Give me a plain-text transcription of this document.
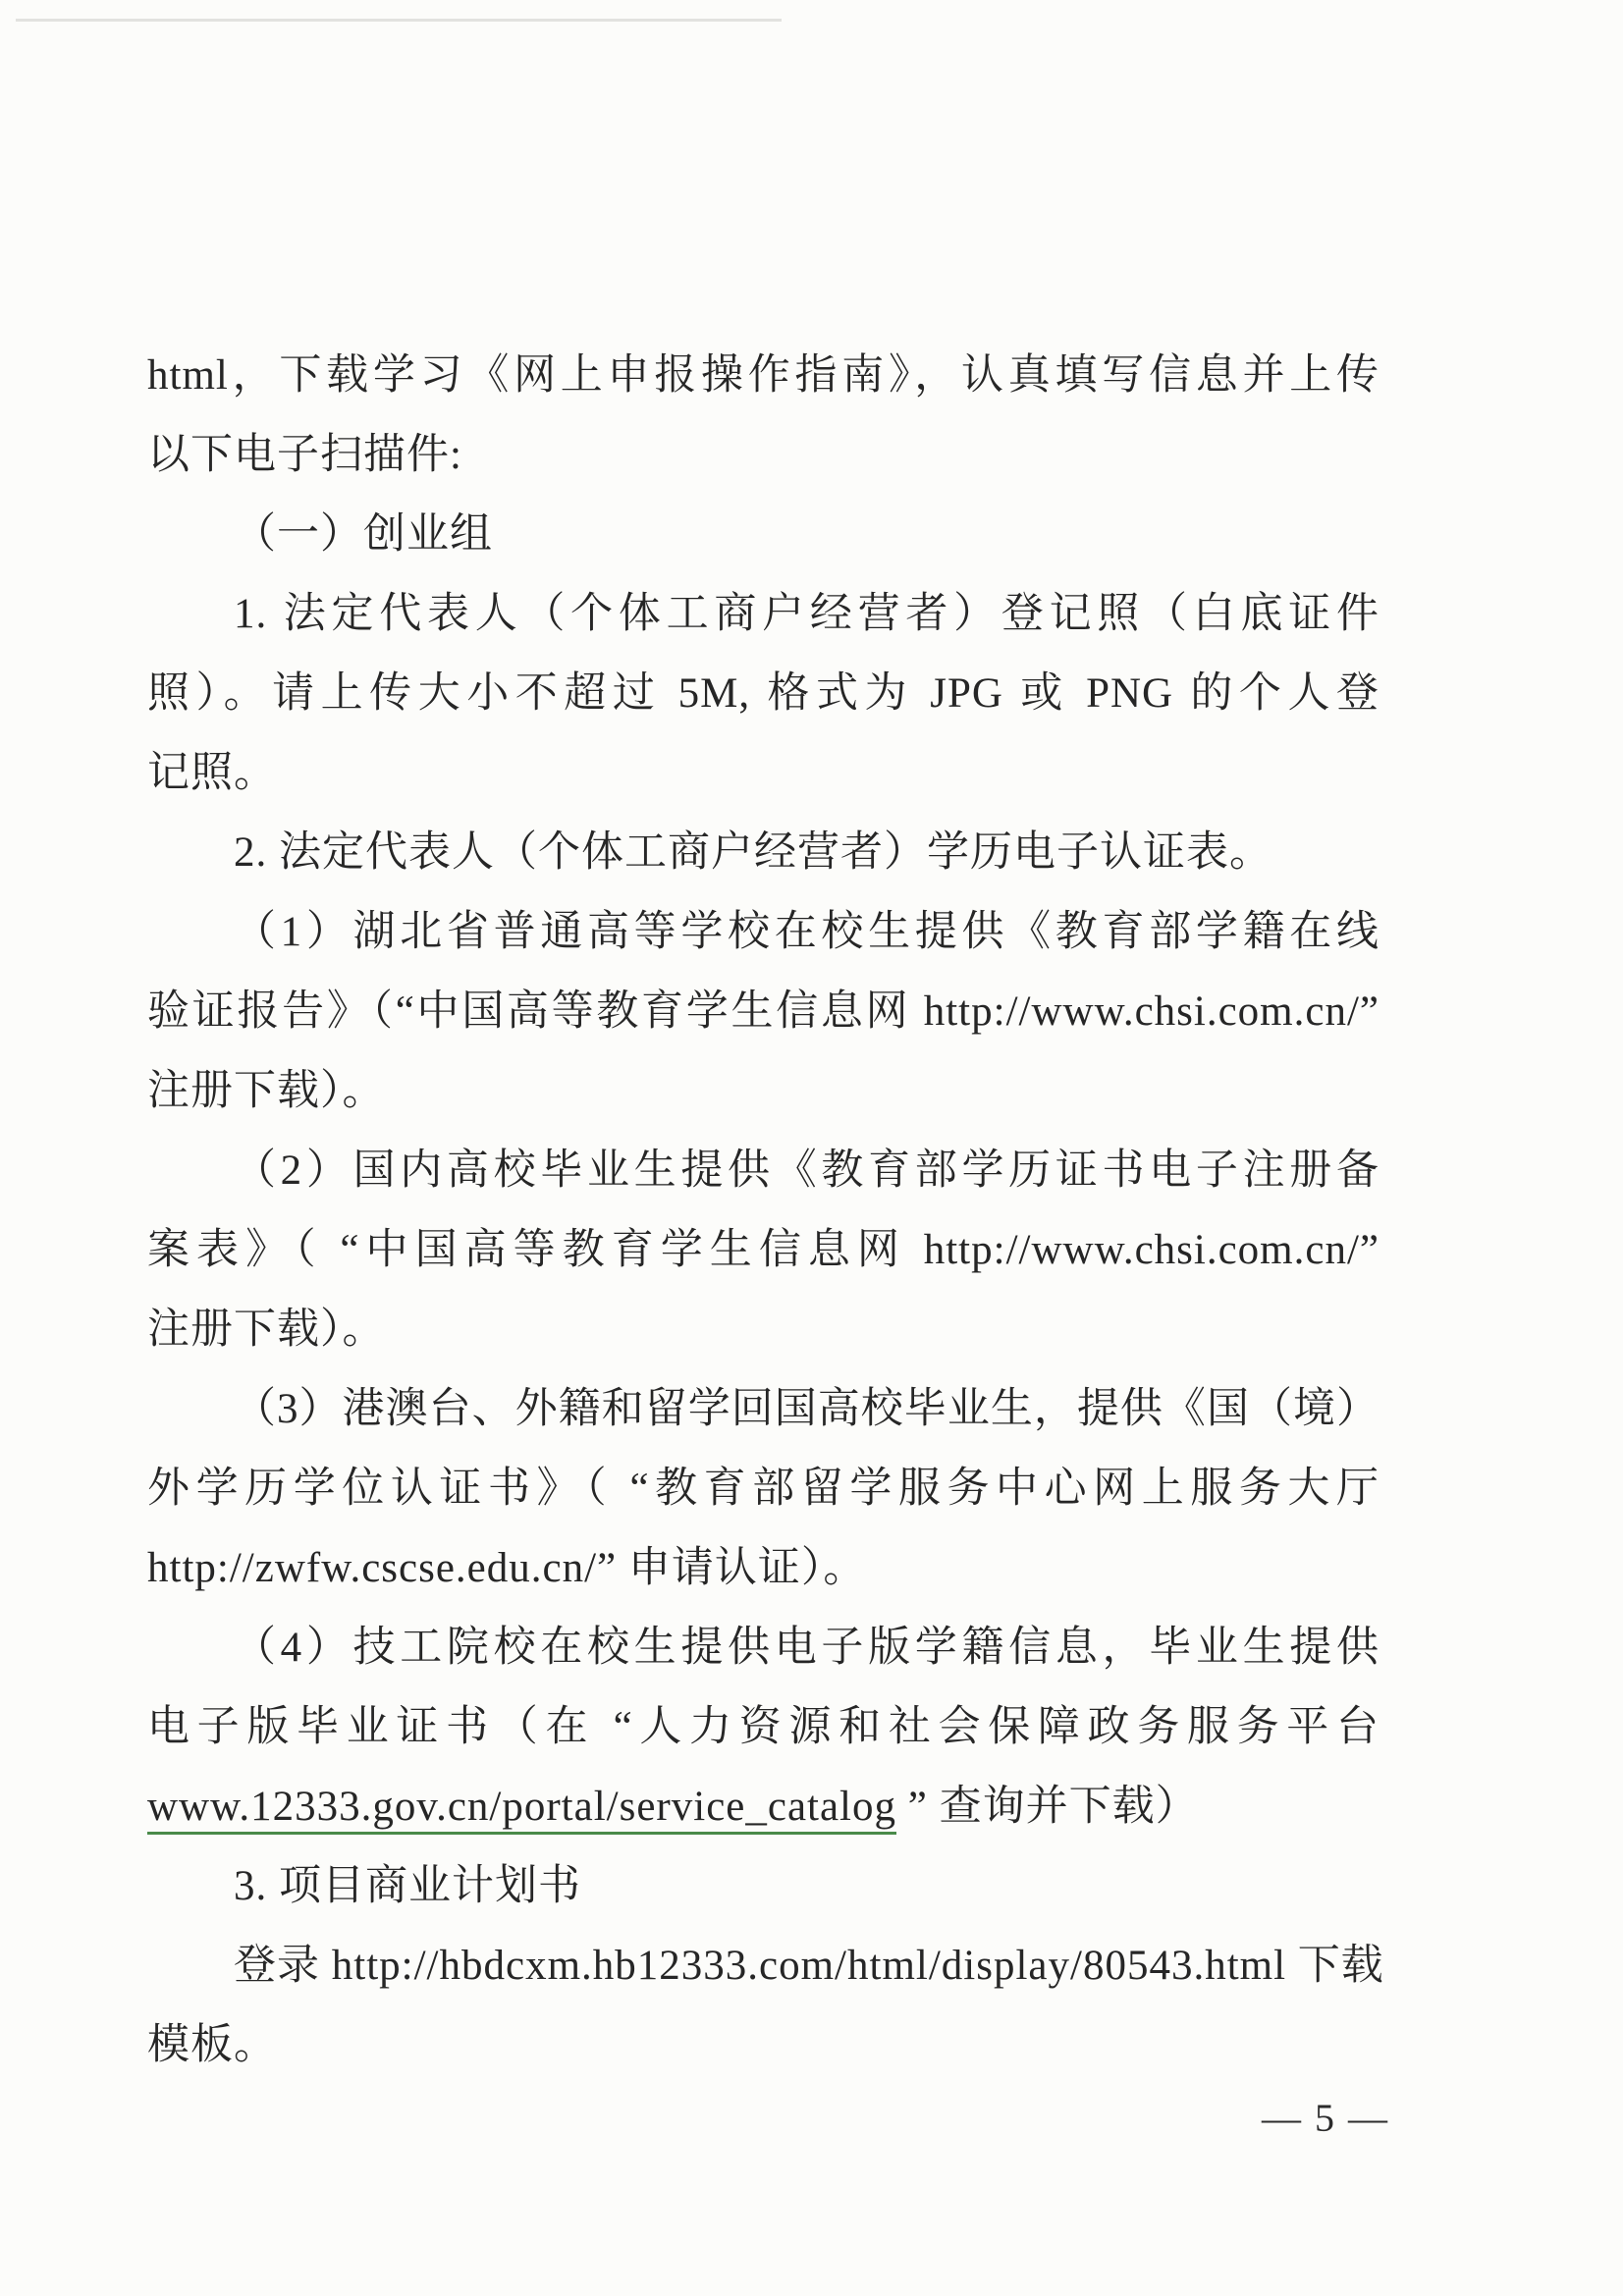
html，下载学习《网上申报操作指南》，认真填写信息并上传
以下电子扫描件:
（一）创业组
1. 法定代表人（个体工商户经营者）登记照（白底证件
照）。请上传大小不超过 5M, 格式为 JPG 或 PNG 的个人登
记照。
2. 法定代表人（个体工商户经营者）学历电子认证表。
（1）湖北省普通高等学校在校生提供《教育部学籍在线
验证报告》（“中国高等教育学生信息网 http://www.chsi.com.cn/”
注册下载）。
（2）国内高校毕业生提供《教育部学历证书电子注册备
案表》（ “中国高等教育学生信息网 http://www.chsi.com.cn/”
注册下载）。
（3）港澳台、外籍和留学回国高校毕业生，提供《国（境）
外学历学位认证书》（ “教育部留学服务中心网上服务大厅
http://zwfw.cscse.edu.cn/” 申请认证）。
（4）技工院校在校生提供电子版学籍信息，毕业生提供
电子版毕业证书（在 “人力资源和社会保障政务服务平台
www.12333.gov.cn/portal/service_catalog ” 查询并下载）
3. 项目商业计划书
登录 http://hbdcxm.hb12333.com/html/display/80543.html 下载
模板。
— 5 —
